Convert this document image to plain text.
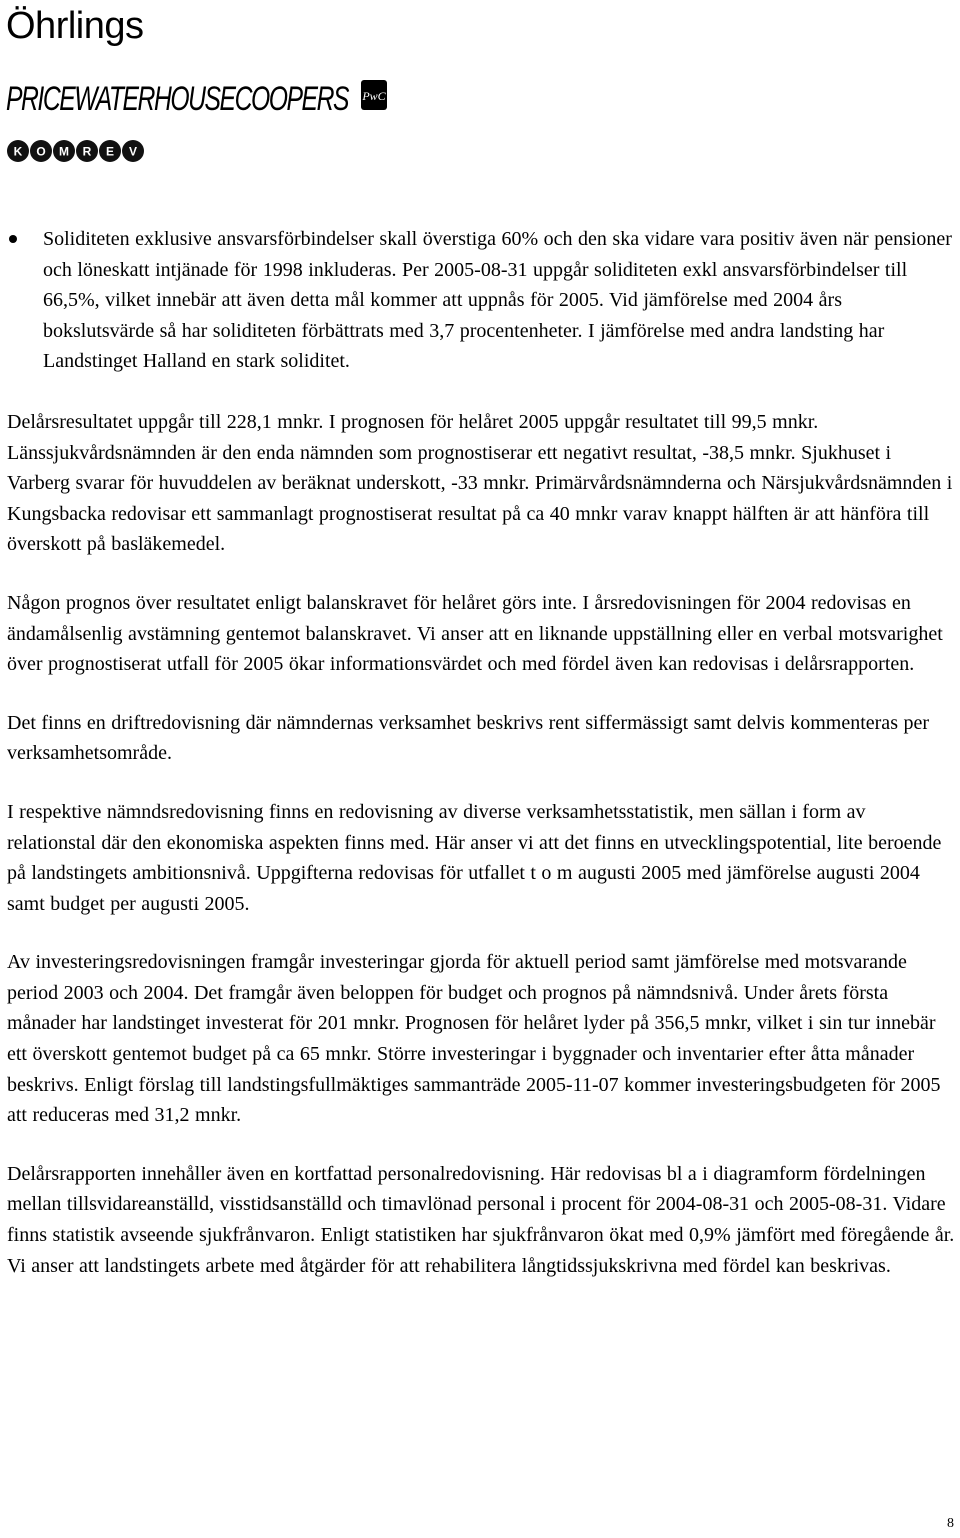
Öhrlings
PRICEWATERHOUSECOOPERS PwC
K O M R E V
Soliditeten exklusive ansvarsförbindelser skall överstiga 60% och den ska vidare vara positiv även när pensioner och löneskatt intjänade för 1998 inkluderas. Per 2005-08-31 uppgår soliditeten exkl ansvarsförbindelser till 66,5%, vilket innebär att även detta mål kommer att uppnås för 2005. Vid jämförelse med 2004 års bokslutsvärde så har soliditeten förbättrats med 3,7 procentenheter. I jämförelse med andra landsting har Landstinget Halland en stark soliditet.

Delårsresultatet uppgår till 228,1 mnkr. I prognosen för helåret 2005 uppgår resultatet till 99,5 mnkr. Länssjukvårdsnämnden är den enda nämnden som prognostiserar ett negativt resultat, -38,5 mnkr. Sjukhuset i Varberg svarar för huvuddelen av beräknat underskott, -33 mnkr. Primärvårdsnämnderna och Närsjukvårdsnämnden i Kungsbacka redovisar ett sammanlagt prognostiserat resultat på ca 40 mnkr varav knappt hälften är att hänföra till överskott på basläkemedel.

Någon prognos över resultatet enligt balanskravet för helåret görs inte. I årsredovisningen för 2004 redovisas en ändamålsenlig avstämning gentemot balanskravet. Vi anser att en liknande uppställning eller en verbal motsvarighet över prognostiserat utfall för 2005 ökar informationsvärdet och med fördel även kan redovisas i delårsrapporten.

Det finns en driftredovisning där nämndernas verksamhet beskrivs rent siffermässigt samt delvis kommenteras per verksamhetsområde.

I respektive nämndsredovisning finns en redovisning av diverse verksamhetsstatistik, men sällan i form av relationstal där den ekonomiska aspekten finns med. Här anser vi att det finns en utvecklingspotential, lite beroende på landstingets ambitionsnivå. Uppgifterna redovisas för utfallet t o m augusti 2005 med jämförelse augusti 2004 samt budget per augusti 2005.

Av investeringsredovisningen framgår investeringar gjorda för aktuell period samt jämförelse med motsvarande period 2003 och 2004. Det framgår även beloppen för budget och prognos på nämndsnivå. Under årets första månader har landstinget investerat för 201 mnkr. Prognosen för helåret lyder på 356,5 mnkr, vilket i sin tur innebär ett överskott gentemot budget på ca 65 mnkr. Större investeringar i byggnader och inventarier efter åtta månader beskrivs. Enligt förslag till landstingsfullmäktiges sammanträde 2005-11-07 kommer investeringsbudgeten för 2005 att reduceras med 31,2 mnkr.

Delårsrapporten innehåller även en kortfattad personalredovisning. Här redovisas bl a i diagramform fördelningen mellan tillsvidareanställd, visstidsanställd och timavlönad personal i procent för 2004-08-31 och 2005-08-31. Vidare finns statistik avseende sjukfrånvaron. Enligt statistiken har sjukfrånvaron ökat med 0,9% jämfört med föregående år. Vi anser att landstingets arbete med åtgärder för att rehabilitera långtidssjukskrivna med fördel kan beskrivas.

8
